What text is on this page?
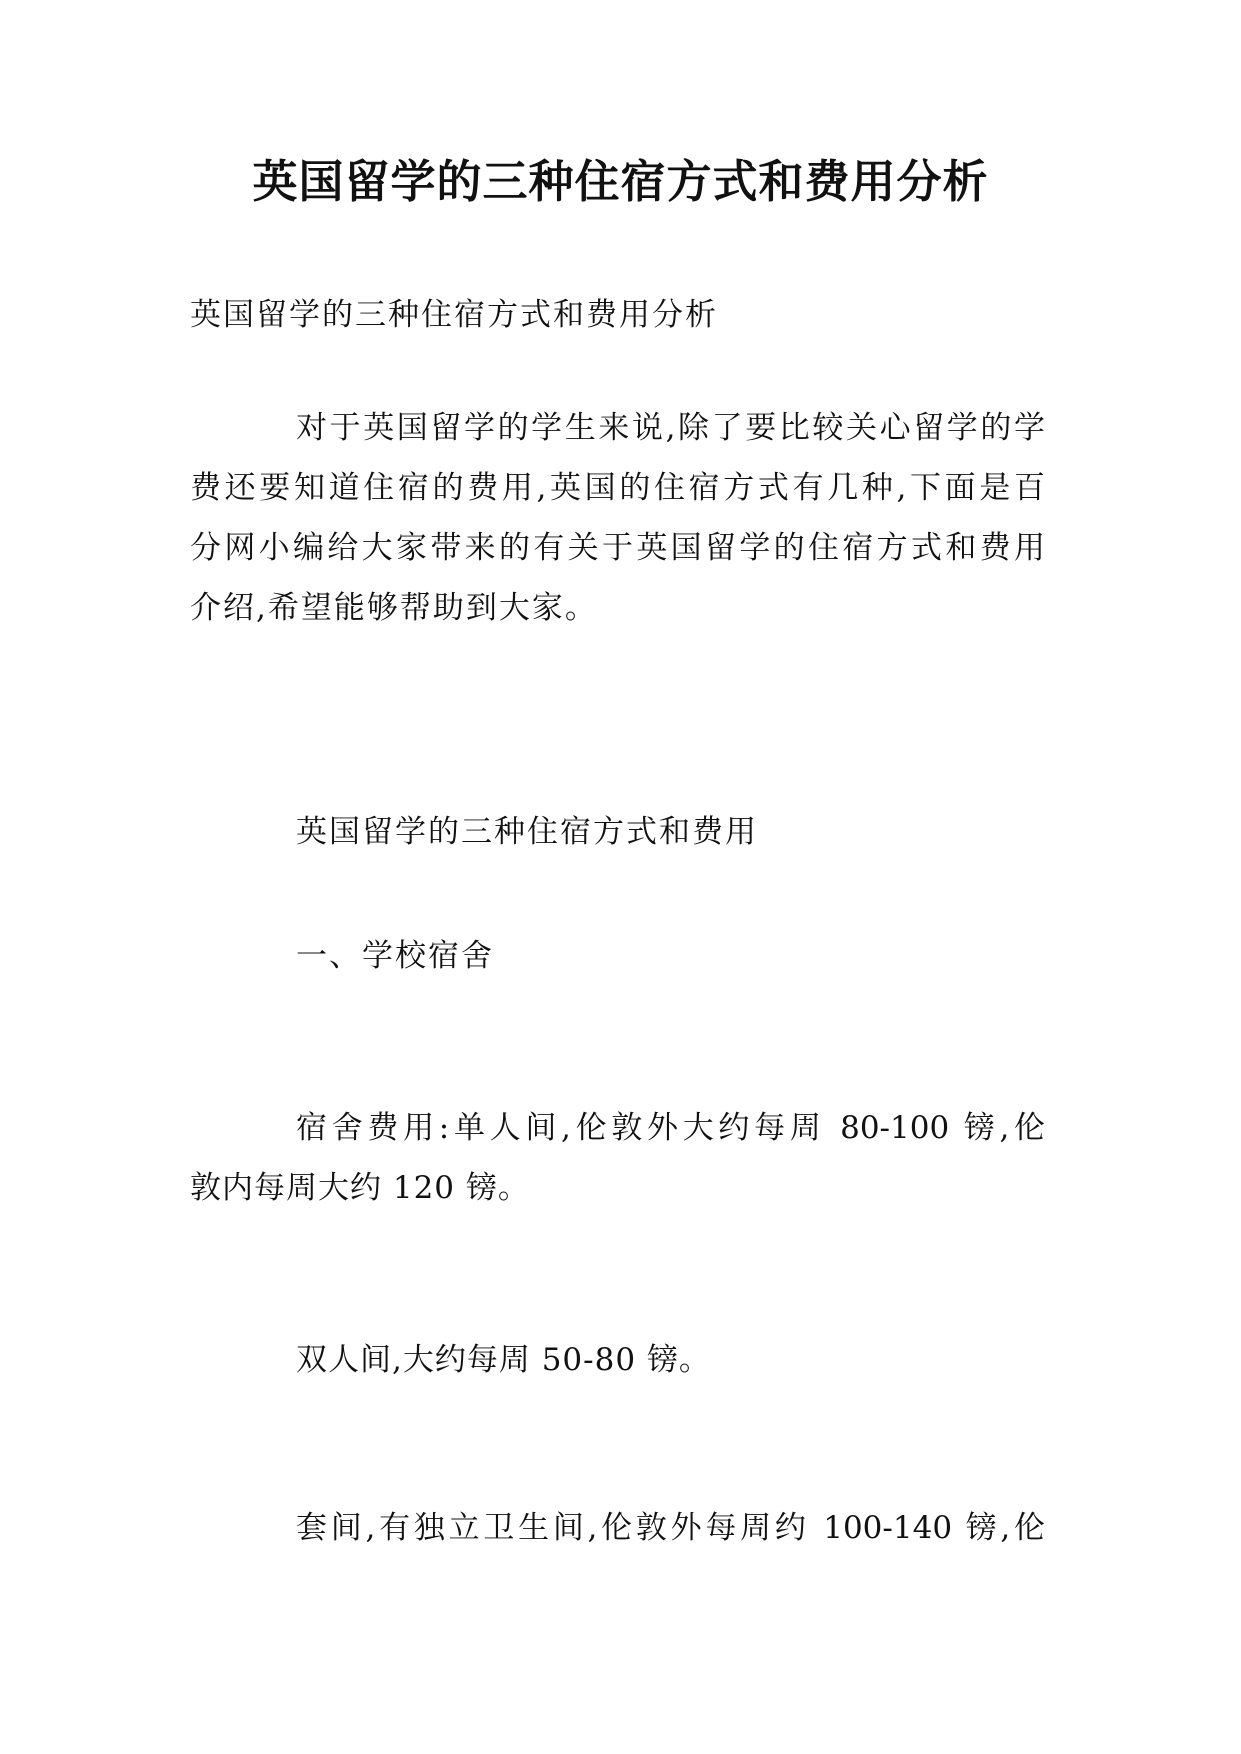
英国留学的三种住宿方式和费用分析
英国留学的三种住宿方式和费用分析
对于英国留学的学生来说,除了要比较关心留学的学
费还要知道住宿的费用,英国的住宿方式有几种,下面是百
分网小编给大家带来的有关于英国留学的住宿方式和费用
介绍,希望能够帮助到大家。
英国留学的三种住宿方式和费用
一、学校宿舍
宿舍费用:单人间,伦敦外大约每周 80-100 镑,伦
敦内每周大约 120 镑。
双人间,大约每周 50-80 镑。
套间,有独立卫生间,伦敦外每周约 100-140 镑,伦
